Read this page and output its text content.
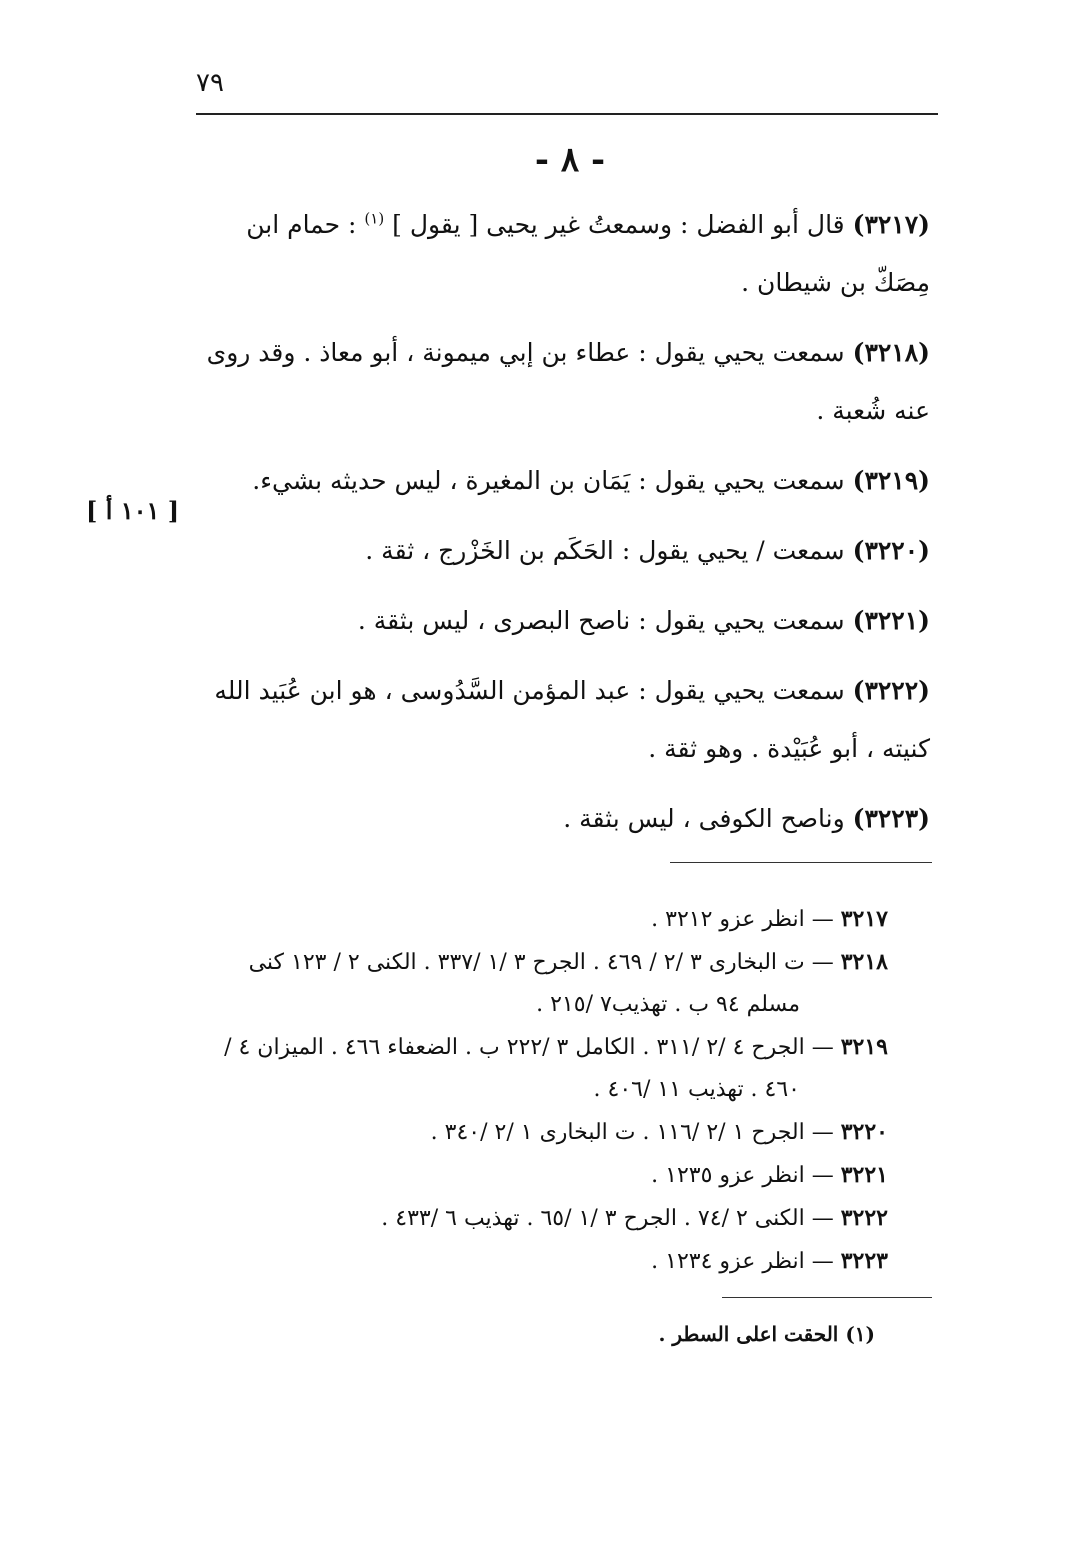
٧٩
- ٨ -
[ ١٠١ أ ]

(٣٢١٧) قال أبو الفضل : وسمعتُ غير يحيى [ يقول ] $^{(١)}$ : حمام ابن مِصَكّ بن شيطان .

(٣٢١٨) سمعت يحيي يقول : عطاء بن إبي ميمونة ، أبو معاذ . وقد روى عنه شُعبة .

(٣٢١٩) سمعت يحيي يقول : يَمَان بن المغيرة ، ليس حديثه بشيء.

(٣٢٢٠) سمعت / يحيي يقول : الحَكَم بن الخَزْرج ، ثقة .

(٣٢٢١) سمعت يحيي يقول : ناصح البصرى ، ليس بثقة .

(٣٢٢٢) سمعت يحيي يقول : عبد المؤمن السَّدُوسى ، هو ابن عُبَيد الله كنيته ، أبو عُبَيْدة . وهو ثقة .

(٣٢٢٣) وناصح الكوفى ، ليس بثقة .

٣٢١٧ — انظر عزو ٣٢١٢ .
٣٢١٨ — ت البخارى ٣ /٢ / ٤٦٩ . الجرح ٣ /١ /٣٣٧ . الكنى ٢ / ١٢٣ كنى مسلم ٩٤ ب . تهذيب٧ /٢١٥ .
٣٢١٩ — الجرح ٤ /٢ /٣١١ . الكامل ٣ /٢٢٢ ب . الضعفاء ٤٦٦ . الميزان ٤ /٤٦٠ . تهذيب ١١ /٤٠٦ .
٣٢٢٠ — الجرح ١ /٢ /١١٦ . ت البخارى ١ /٢ /٣٤٠ .
٣٢٢١ — انظر عزو ١٢٣٥ .
٣٢٢٢ — الكنى ٢ /٧٤ . الجرح ٣ /١ /٦٥ . تهذيب ٦ /٤٣٣ .
٣٢٢٣ — انظر عزو ١٢٣٤ .
(١) الحقت اعلى السطر .
